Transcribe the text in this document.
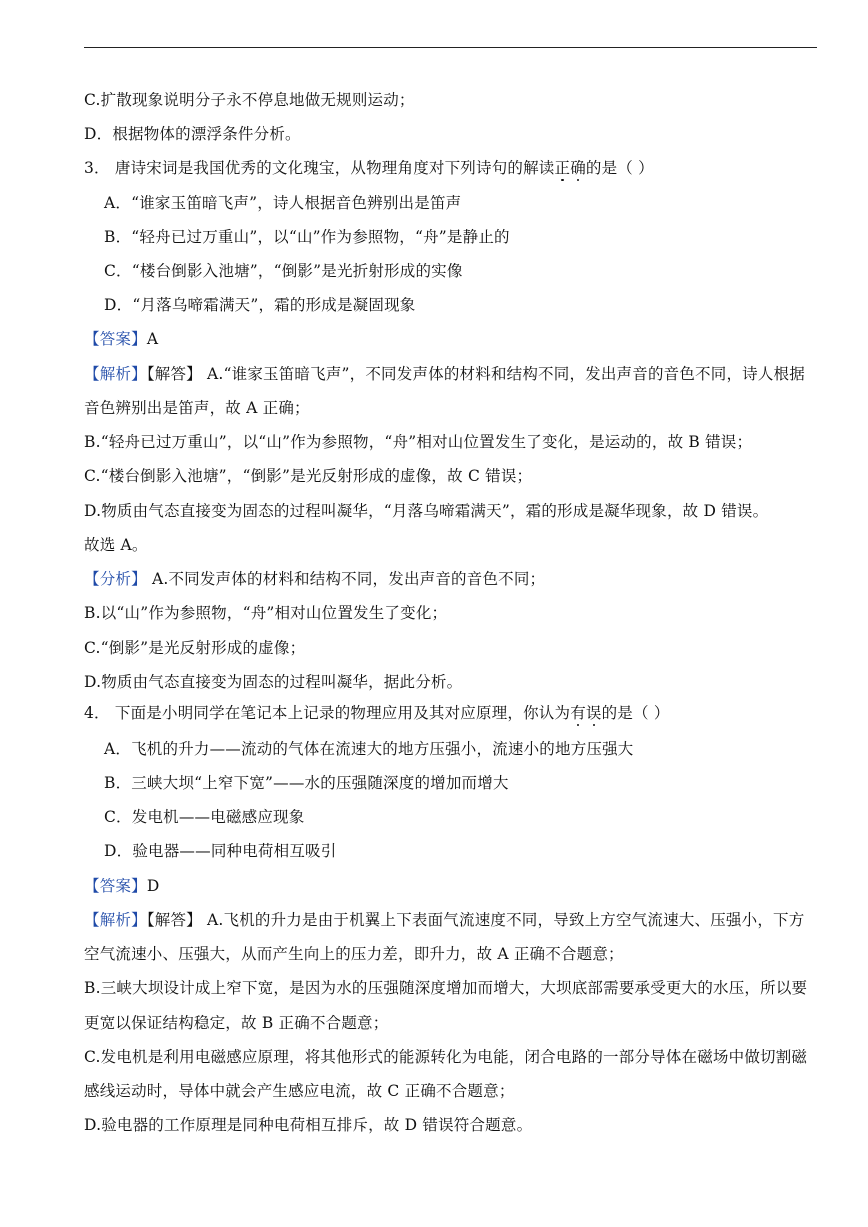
C.扩散现象说明分子永不停息地做无规则运动；
D．根据物体的漂浮条件分析。
3． 唐诗宋词是我国优秀的文化瑰宝，从物理角度对下列诗句的解读正确的是（ ）
A．“谁家玉笛暗飞声”，诗人根据音色辨别出是笛声
B．“轻舟已过万重山”，以“山”作为参照物，“舟”是静止的
C．“楼台倒影入池塘”，“倒影”是光折射形成的实像
D．“月落乌啼霜满天”，霜的形成是凝固现象
【答案】A
【解析】【解答】 A.“谁家玉笛暗飞声”，不同发声体的材料和结构不同，发出声音的音色不同，诗人根据
音色辨别出是笛声，故 A 正确；
B.“轻舟已过万重山”，以“山”作为参照物，“舟”相对山位置发生了变化，是运动的，故 B 错误；
C.“楼台倒影入池塘”，“倒影”是光反射形成的虚像，故 C 错误；
D.物质由气态直接变为固态的过程叫凝华，“月落乌啼霜满天”，霜的形成是凝华现象，故 D 错误。
故选 A。
【分析】 A.不同发声体的材料和结构不同，发出声音的音色不同；
B.以“山”作为参照物，“舟”相对山位置发生了变化；
C.“倒影”是光反射形成的虚像；
D.物质由气态直接变为固态的过程叫凝华，据此分析。
4． 下面是小明同学在笔记本上记录的物理应用及其对应原理，你认为有误的是（ ）
A．飞机的升力——流动的气体在流速大的地方压强小，流速小的地方压强大
B．三峡大坝“上窄下宽”——水的压强随深度的增加而增大
C．发电机——电磁感应现象
D．验电器——同种电荷相互吸引
【答案】D
【解析】【解答】 A.飞机的升力是由于机翼上下表面气流速度不同，导致上方空气流速大、压强小，下方
空气流速小、压强大，从而产生向上的压力差，即升力，故 A 正确不合题意；
B.三峡大坝设计成上窄下宽，是因为水的压强随深度增加而增大，大坝底部需要承受更大的水压，所以要
更宽以保证结构稳定，故 B 正确不合题意；
C.发电机是利用电磁感应原理，将其他形式的能源转化为电能，闭合电路的一部分导体在磁场中做切割磁
感线运动时，导体中就会产生感应电流，故 C 正确不合题意；
D.验电器的工作原理是同种电荷相互排斥，故 D 错误符合题意。
